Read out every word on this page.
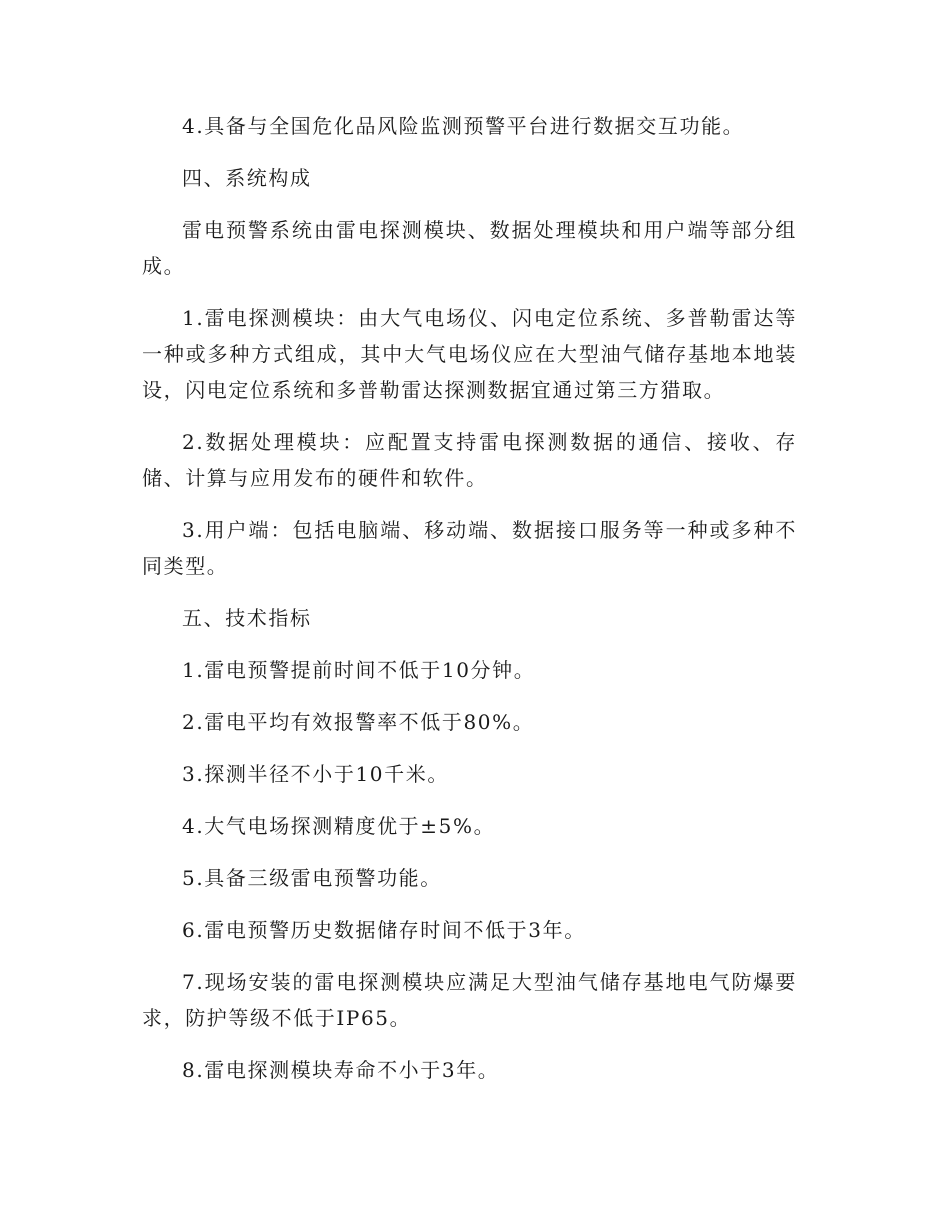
4.具备与全国危化品风险监测预警平台进行数据交互功能。

四、系统构成

雷电预警系统由雷电探测模块、数据处理模块和用户端等部分组成。

1.雷电探测模块：由大气电场仪、闪电定位系统、多普勒雷达等一种或多种方式组成，其中大气电场仪应在大型油气储存基地本地装设，闪电定位系统和多普勒雷达探测数据宜通过第三方猎取。

2.数据处理模块：应配置支持雷电探测数据的通信、接收、存储、计算与应用发布的硬件和软件。

3.用户端：包括电脑端、移动端、数据接口服务等一种或多种不同类型。

五、技术指标

1.雷电预警提前时间不低于10分钟。

2.雷电平均有效报警率不低于80%。

3.探测半径不小于10千米。

4.大气电场探测精度优于±5%。

5.具备三级雷电预警功能。

6.雷电预警历史数据储存时间不低于3年。

7.现场安装的雷电探测模块应满足大型油气储存基地电气防爆要求，防护等级不低于IP65。

8.雷电探测模块寿命不小于3年。
